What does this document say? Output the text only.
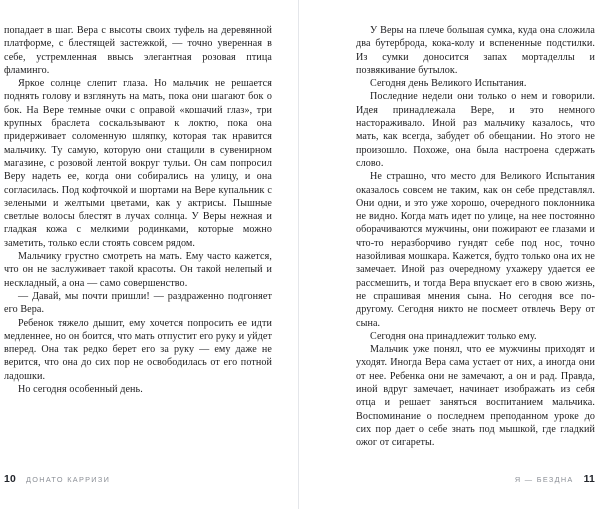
попадает в шаг. Вера с высоты своих туфель на деревянной платформе, с блестящей застежкой, — точно уверенная в себе, устремленная ввысь элегантная розовая птица фламинго.

Яркое солнце слепит глаза. Но мальчик не решается поднять голову и взглянуть на мать, пока они шагают бок о бок. На Вере темные очки с оправой «кошачий глаз», три крупных браслета соскальзывают к локтю, пока она придерживает соломенную шляпку, которая так нравится мальчику. Ту самую, которую они стащили в сувенирном магазине, с розовой лентой вокруг тульи. Он сам попросил Веру надеть ее, когда они собирались на улицу, и она согласилась. Под кофточкой и шортами на Вере купальник с зелеными и желтыми цветами, как у актрисы. Пышные светлые волосы блестят в лучах солнца. У Веры нежная и гладкая кожа с мелкими родинками, которые можно заметить, только если стоять совсем рядом.

Мальчику грустно смотреть на мать. Ему часто кажется, что он не заслуживает такой красоты. Он такой нелепый и нескладный, а она — само совершенство.

— Давай, мы почти пришли! — раздраженно подгоняет его Вера.

Ребенок тяжело дышит, ему хочется попросить ее идти медленнее, но он боится, что мать отпустит его руку и уйдет вперед. Она так редко берет его за руку — ему даже не верится, что она до сих пор не освободилась от его потной ладошки.

Но сегодня особенный день.

10 ДОНАТО КАРРИЗИ

У Веры на плече большая сумка, куда она сложила два бутерброда, кока-колу и вспененные подстилки. Из сумки доносится запах мортаделлы и позвякивание бутылок.

Сегодня день Великого Испытания.

Последние недели они только о нем и говорили. Идея принадлежала Вере, и это немного настораживало. Иной раз мальчику казалось, что мать, как всегда, забудет об обещании. Но этого не произошло. Похоже, она была настроена сдержать слово.

Не страшно, что место для Великого Испытания оказалось совсем не таким, как он себе представлял. Они одни, и это уже хорошо, очередного поклонника не видно. Когда мать идет по улице, на нее постоянно оборачиваются мужчины, они пожирают ее глазами и что-то неразборчиво гундят себе под нос, точно назойливая мошкара. Кажется, будто только она их не замечает. Иной раз очередному ухажеру удается ее рассмешить, и тогда Вера впускает его в свою жизнь, не спрашивая мнения сына. Но сегодня все по-другому. Сегодня никто не посмеет отвлечь Веру от сына.

Сегодня она принадлежит только ему.

Мальчик уже понял, что ее мужчины приходят и уходят. Иногда Вера сама устает от них, а иногда они от нее. Ребенка они не замечают, а он и рад. Правда, иной вдруг замечает, начинает изображать из себя отца и решает заняться воспитанием мальчика. Воспоминание о последнем преподанном уроке до сих пор дает о себе знать под мышкой, где гладкий ожог от сигареты.

Я — БЕЗДНА 11
